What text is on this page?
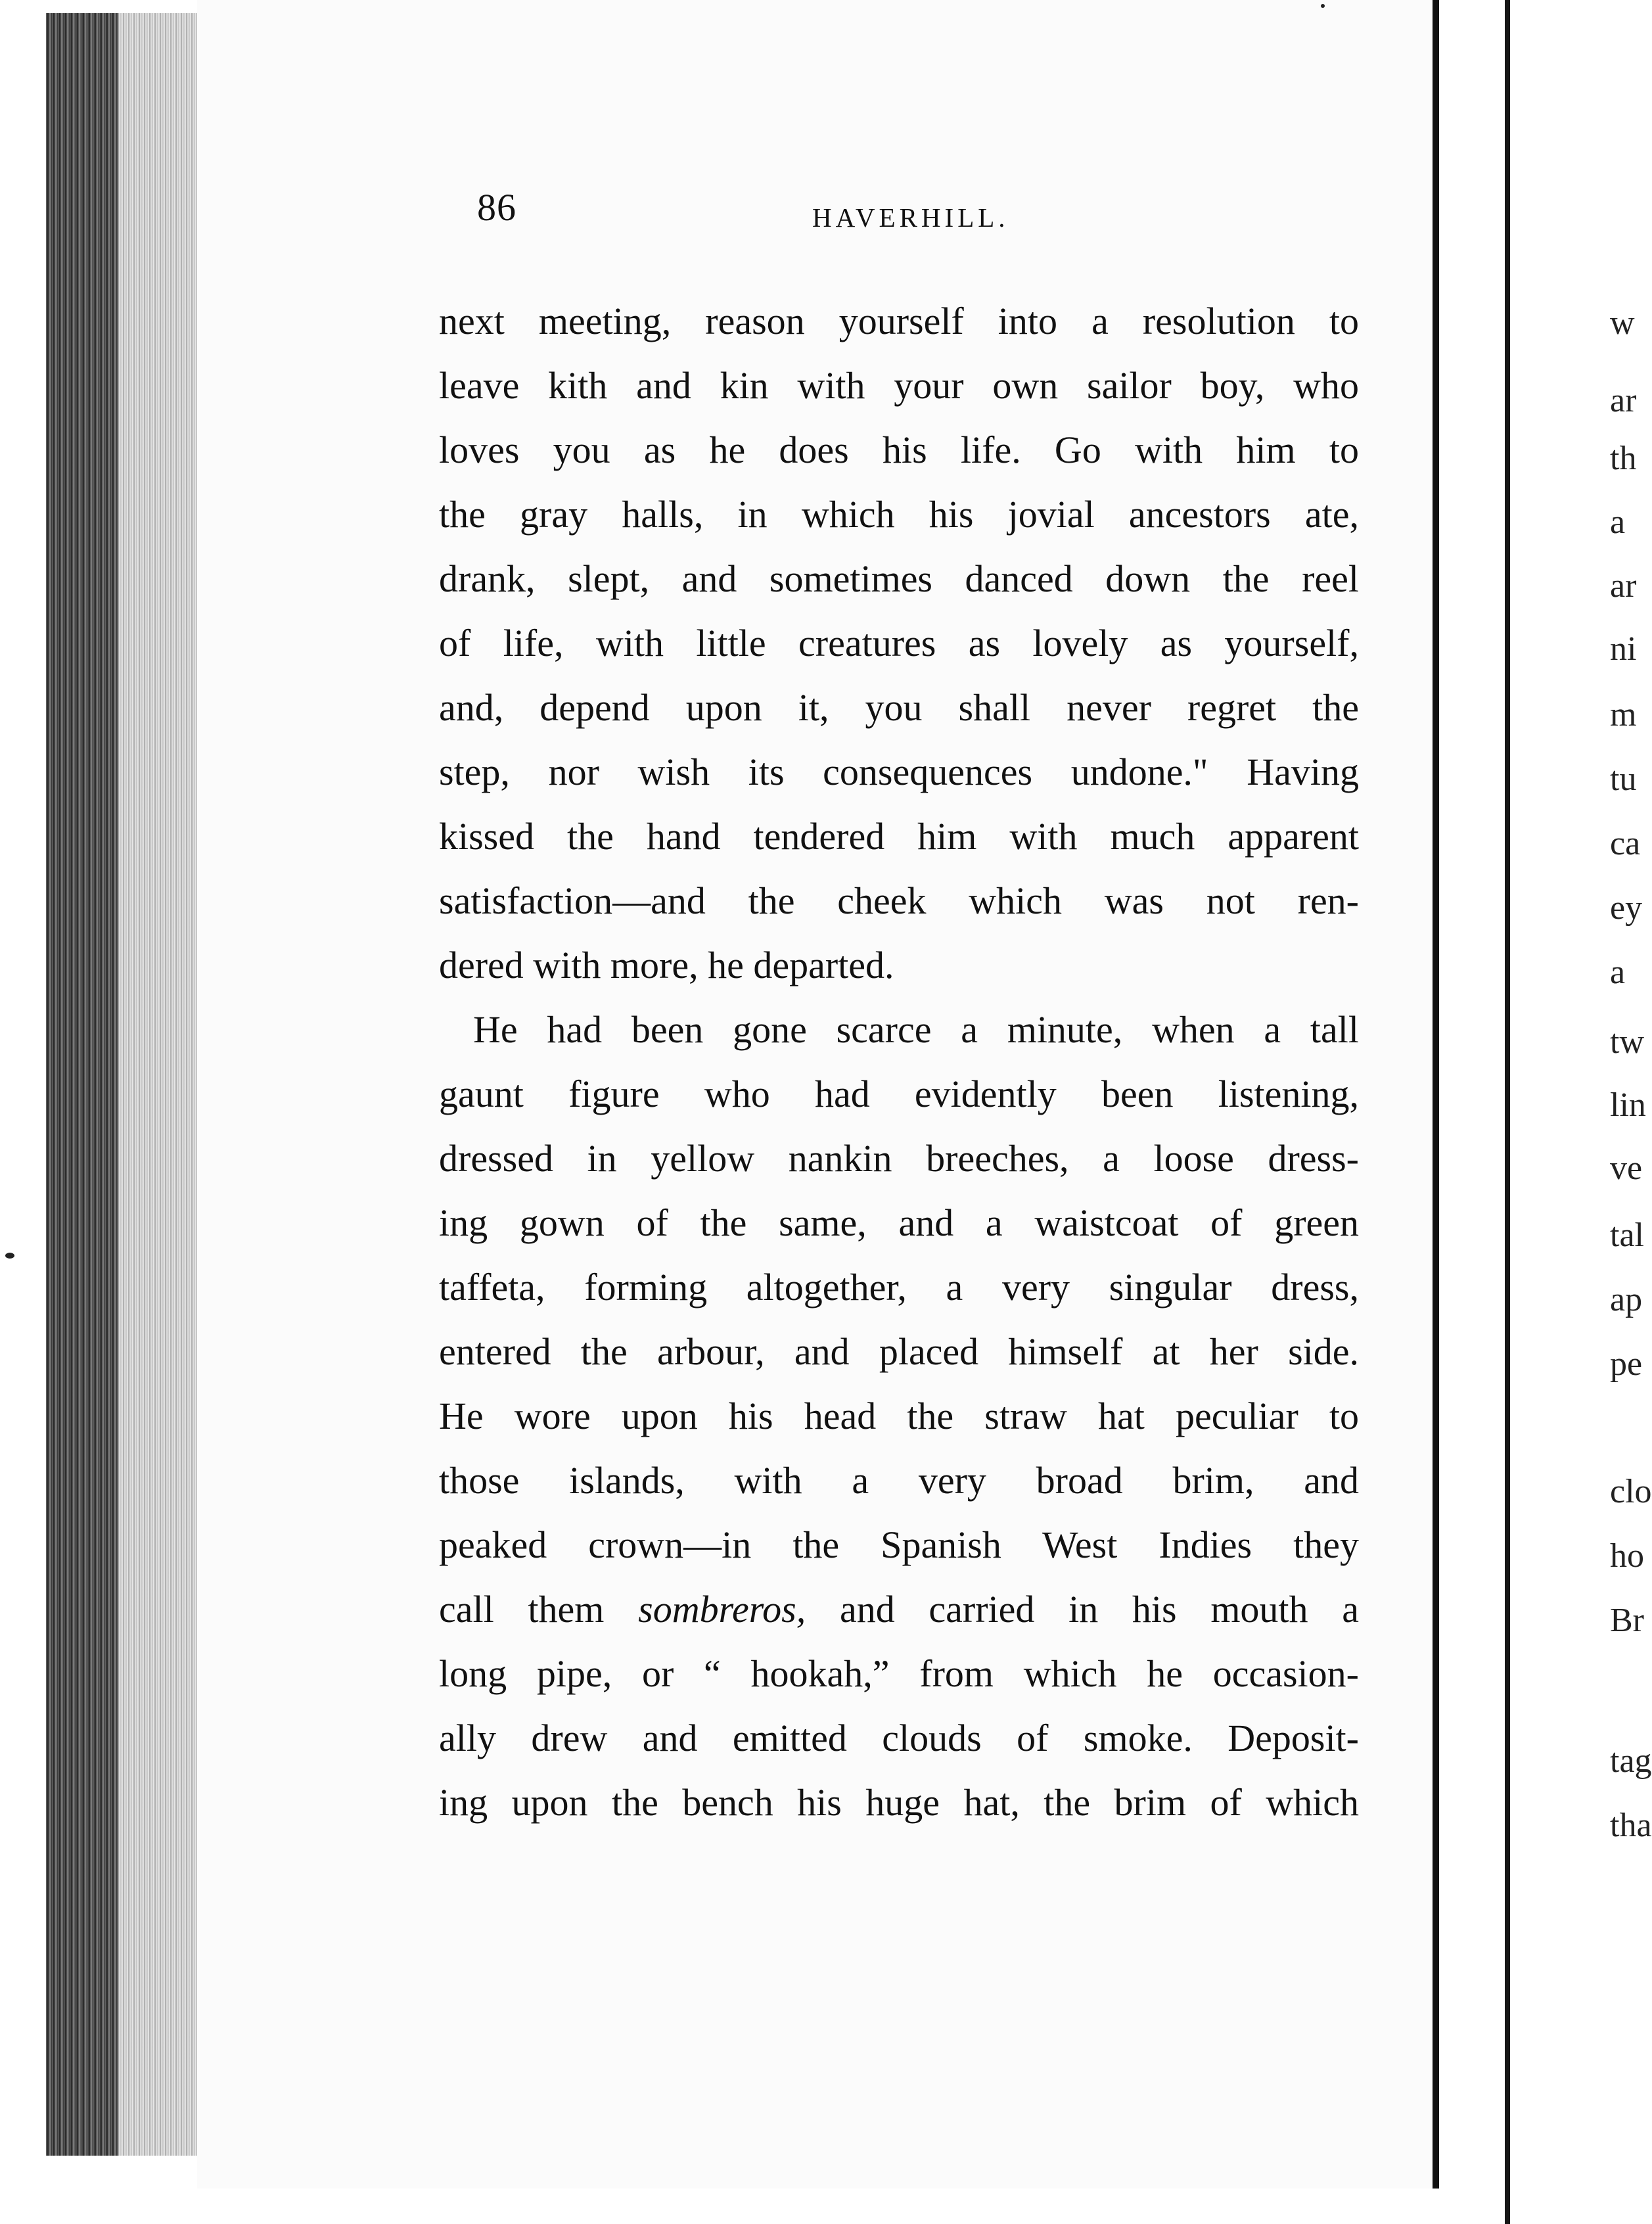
86	HAVERHILL.
next meeting, reason yourself into a resolution to
leave kith and kin with your own sailor boy, who
loves you as he does his life. Go with him to
the gray halls, in which his jovial ancestors ate,
drank, slept, and sometimes danced down the reel
of life, with little creatures as lovely as yourself,
and, depend upon it, you shall never regret the
step, nor wish its consequences undone." Having
kissed the hand tendered him with much apparent
satisfaction—and the cheek which was not ren-
dered with more, he departed.
He had been gone scarce a minute, when a tall
gaunt figure who had evidently been listening,
dressed in yellow nankin breeches, a loose dress-
ing gown of the same, and a waistcoat of green
taffeta, forming altogether, a very singular dress,
entered the arbour, and placed himself at her side.
He wore upon his head the straw hat peculiar to
those islands, with a very broad brim, and
peaked crown—in the Spanish West Indies they
call them sombreros, and carried in his mouth a
long pipe, or “ hookah,” from which he occasion-
ally drew and emitted clouds of smoke. Deposit-
ing upon the bench his huge hat, the brim of which
w
ar
th
a
ar
ni
m
tu
ca
ey
a
tw
lin
ve
tal
ap
pe
clo
ho
Br
tag
tha
